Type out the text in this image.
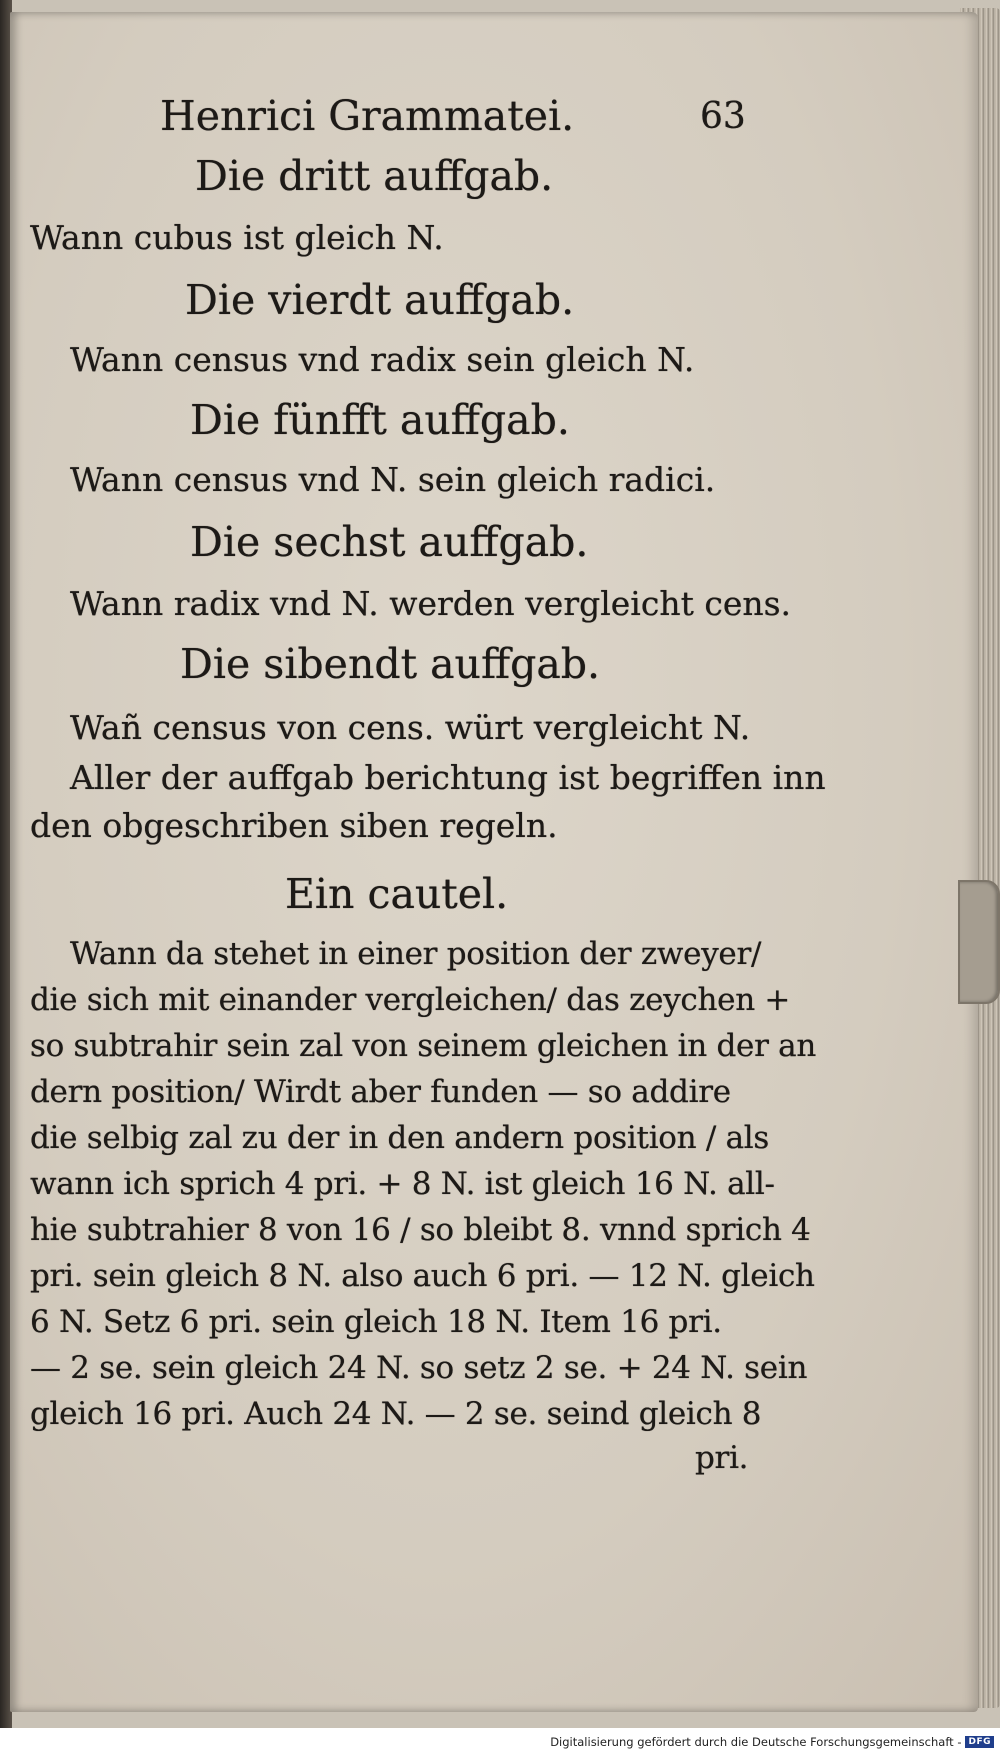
Henrici Grammatei.	63
Die dritt auffgab.
Wann cubus ist gleich N.
Die vierdt auffgab.
Wann census vnd radix sein gleich N.
Die fünfft auffgab.
Wann census vnd N. sein gleich radici.
Die sechst auffgab.
Wann radix vnd N. werden vergleicht cens.
Die sibendt auffgab.
Wañ census von cens. würt vergleicht N.
Aller der auffgab berichtung ist begriffen inn
den obgeschriben siben regeln.
Ein cautel.
Wann da stehet in einer position der zweyer/
die sich mit einander vergleichen/ das zeychen +
so subtrahir sein zal von seinem gleichen in der an
dern position/ Wirdt aber funden — so addire
die selbig zal zu der in den andern position / als
wann ich sprich 4 pri. + 8 N. ist gleich 16 N. all-
hie subtrahier 8 von 16 / so bleibt 8. vnnd sprich 4
pri. sein gleich 8 N. also auch 6 pri. — 12 N. gleich
6 N. Setz 6 pri. sein gleich 18 N. Item 16 pri.
— 2 se. sein gleich 24 N. so setz 2 se. + 24 N. sein
gleich 16 pri. Auch 24 N. — 2 se. seind gleich 8
pri.
Digitalisierung gefördert durch die Deutsche Forschungsgemeinschaft - DFG
